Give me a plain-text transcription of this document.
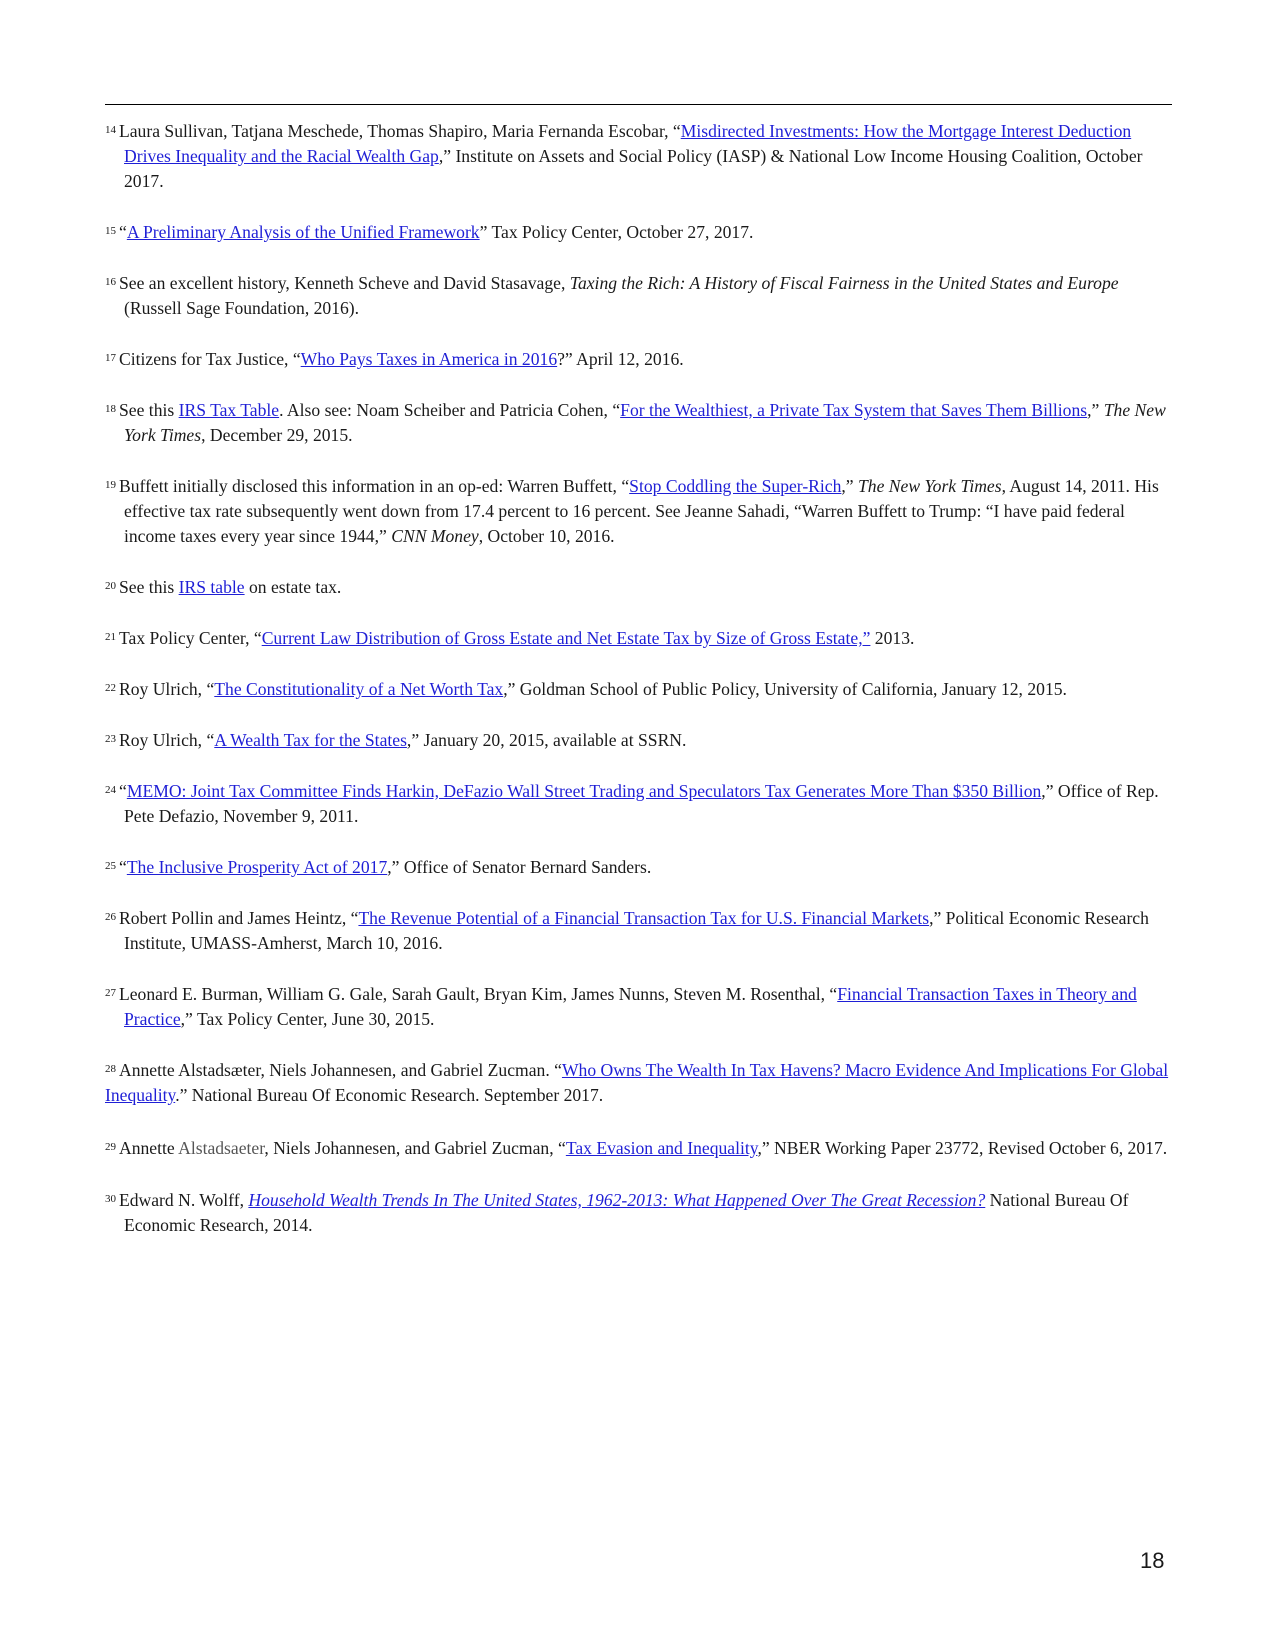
$^{14}$ Laura Sullivan, Tatjana Meschede, Thomas Shapiro, Maria Fernanda Escobar, “Misdirected Investments: How the Mortgage Interest Deduction Drives Inequality and the Racial Wealth Gap,” Institute on Assets and Social Policy (IASP) & National Low Income Housing Coalition, October 2017.

$^{15}$ “A Preliminary Analysis of the Unified Framework” Tax Policy Center, October 27, 2017.

$^{16}$ See an excellent history, Kenneth Scheve and David Stasavage, Taxing the Rich: A History of Fiscal Fairness in the United States and Europe (Russell Sage Foundation, 2016).

$^{17}$ Citizens for Tax Justice, “Who Pays Taxes in America in 2016?” April 12, 2016.

$^{18}$ See this IRS Tax Table. Also see: Noam Scheiber and Patricia Cohen, “For the Wealthiest, a Private Tax System that Saves Them Billions,” The New York Times, December 29, 2015.

$^{19}$ Buffett initially disclosed this information in an op-ed: Warren Buffett, “Stop Coddling the Super-Rich,” The New York Times, August 14, 2011. His effective tax rate subsequently went down from 17.4 percent to 16 percent. See Jeanne Sahadi, “Warren Buffett to Trump: “I have paid federal income taxes every year since 1944,” CNN Money, October 10, 2016.

$^{20}$ See this IRS table on estate tax.

$^{21}$ Tax Policy Center, “Current Law Distribution of Gross Estate and Net Estate Tax by Size of Gross Estate,” 2013.

$^{22}$ Roy Ulrich, “The Constitutionality of a Net Worth Tax,” Goldman School of Public Policy, University of California, January 12, 2015.

$^{23}$ Roy Ulrich, “A Wealth Tax for the States,” January 20, 2015, available at SSRN.

$^{24}$ “MEMO: Joint Tax Committee Finds Harkin, DeFazio Wall Street Trading and Speculators Tax Generates More Than $350 Billion,” Office of Rep. Pete Defazio, November 9, 2011.

$^{25}$ “The Inclusive Prosperity Act of 2017,” Office of Senator Bernard Sanders.

$^{26}$ Robert Pollin and James Heintz, “The Revenue Potential of a Financial Transaction Tax for U.S. Financial Markets,” Political Economic Research Institute, UMASS-Amherst, March 10, 2016.

$^{27}$ Leonard E. Burman, William G. Gale, Sarah Gault, Bryan Kim, James Nunns, Steven M. Rosenthal, “Financial Transaction Taxes in Theory and Practice,” Tax Policy Center, June 30, 2015.

$^{28}$ Annette Alstadsæter, Niels Johannesen, and Gabriel Zucman. “Who Owns The Wealth In Tax Havens? Macro Evidence And Implications For Global Inequality.” National Bureau Of Economic Research. September 2017.

$^{29}$ Annette Alstadsaeter, Niels Johannesen, and Gabriel Zucman, “Tax Evasion and Inequality,” NBER Working Paper 23772, Revised October 6, 2017.

$^{30}$ Edward N. Wolff, Household Wealth Trends In The United States, 1962-2013: What Happened Over The Great Recession? National Bureau Of Economic Research, 2014.

18
